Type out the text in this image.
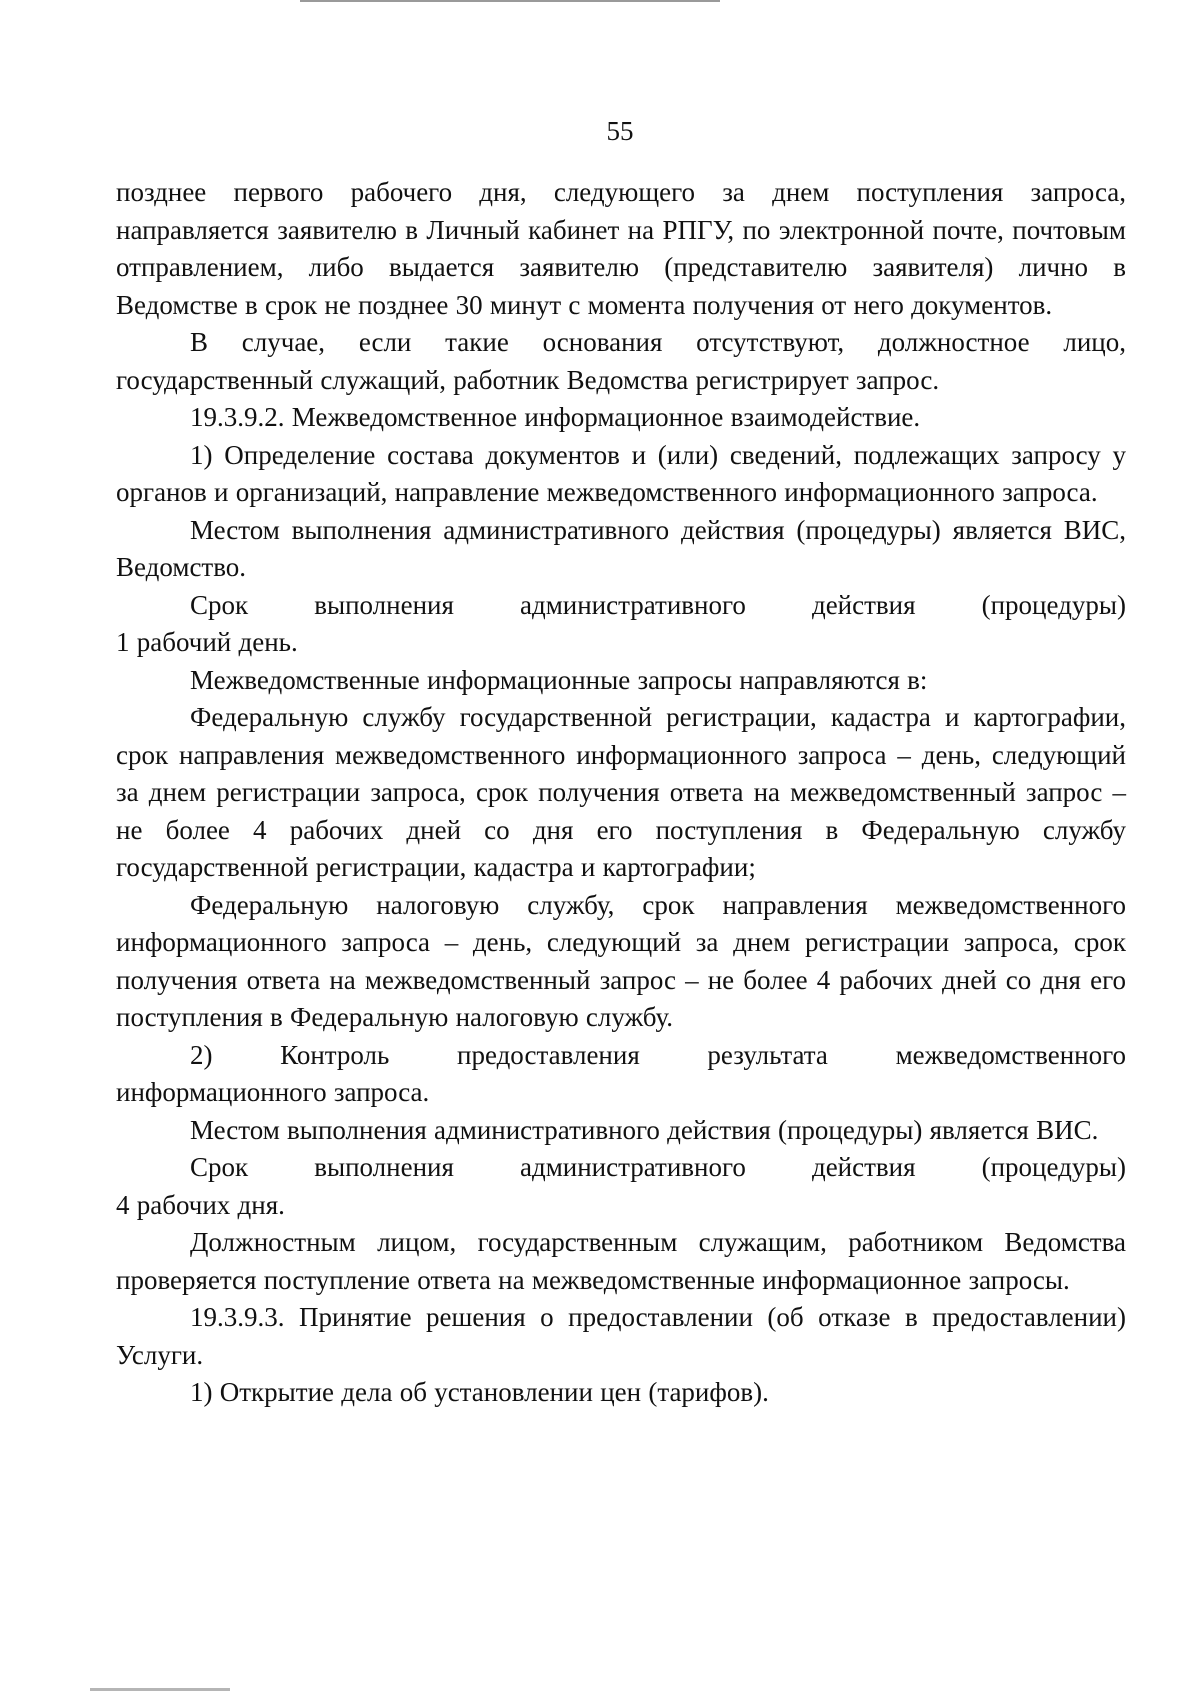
55

позднее первого рабочего дня, следующего за днем поступления запроса, направляется заявителю в Личный кабинет на РПГУ, по электронной почте, почтовым отправлением, либо выдается заявителю (представителю заявителя) лично в Ведомстве в срок не позднее 30 минут с момента получения от него документов.

В случае, если такие основания отсутствуют, должностное лицо, государственный служащий, работник Ведомства регистрирует запрос.

19.3.9.2. Межведомственное информационное взаимодействие.

1) Определение состава документов и (или) сведений, подлежащих запросу у органов и организаций, направление межведомственного информационного запроса.

Местом выполнения административного действия (процедуры) является ВИС, Ведомство.

Срок выполнения административного действия (процедуры)

1 рабочий день.

Межведомственные информационные запросы направляются в:

Федеральную службу государственной регистрации, кадастра и картографии, срок направления межведомственного информационного запроса – день, следующий за днем регистрации запроса, срок получения ответа на межведомственный запрос – не более 4 рабочих дней со дня его поступления в Федеральную службу государственной регистрации, кадастра и картографии;

Федеральную налоговую службу, срок направления межведомственного информационного запроса – день, следующий за днем регистрации запроса, срок получения ответа на межведомственный запрос – не более 4 рабочих дней со дня его поступления в Федеральную налоговую службу.

2) Контроль предоставления результата межведомственного

информационного запроса.

Местом выполнения административного действия (процедуры) является ВИС.

Срок выполнения административного действия (процедуры)

4 рабочих дня.

Должностным лицом, государственным служащим, работником Ведомства проверяется поступление ответа на межведомственные информационное запросы.

19.3.9.3. Принятие решения о предоставлении (об отказе в предоставлении) Услуги.

1) Открытие дела об установлении цен (тарифов).
